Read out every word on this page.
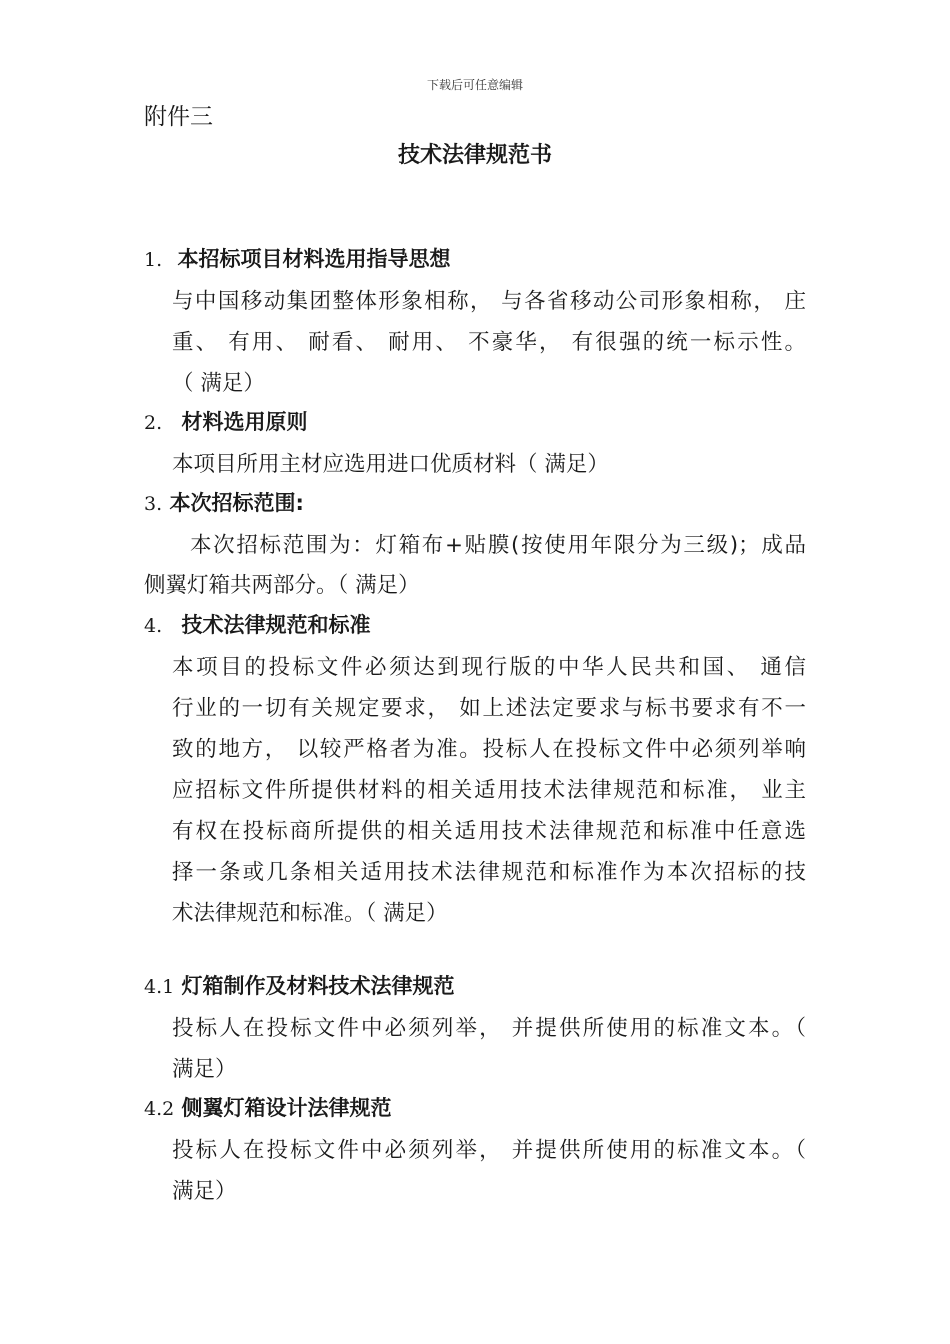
下载后可任意编辑
附件三
技术法律规范书
1. 本招标项目材料选用指导思想
与中国移动集团整体形象相称， 与各省移动公司形象相称， 庄
重、 有用、 耐看、 耐用、 不豪华， 有很强的统一标示性。
（ 满足）
2. 材料选用原则
本项目所用主材应选用进口优质材料（ 满足）
3. 本次招标范围:
本次招标范围为：灯箱布+贴膜(按使用年限分为三级)；成品
侧翼灯箱共两部分。（ 满足）
4. 技术法律规范和标准
本项目的投标文件必须达到现行版的中华人民共和国、 通信
行业的一切有关规定要求， 如上述法定要求与标书要求有不一
致的地方， 以较严格者为准。投标人在投标文件中必须列举响
应招标文件所提供材料的相关适用技术法律规范和标准， 业主
有权在投标商所提供的相关适用技术法律规范和标准中任意选
择一条或几条相关适用技术法律规范和标准作为本次招标的技
术法律规范和标准。（ 满足）
4.1 灯箱制作及材料技术法律规范
投标人在投标文件中必须列举， 并提供所使用的标准文本。（
满足）
4.2 侧翼灯箱设计法律规范
投标人在投标文件中必须列举， 并提供所使用的标准文本。（
满足）
